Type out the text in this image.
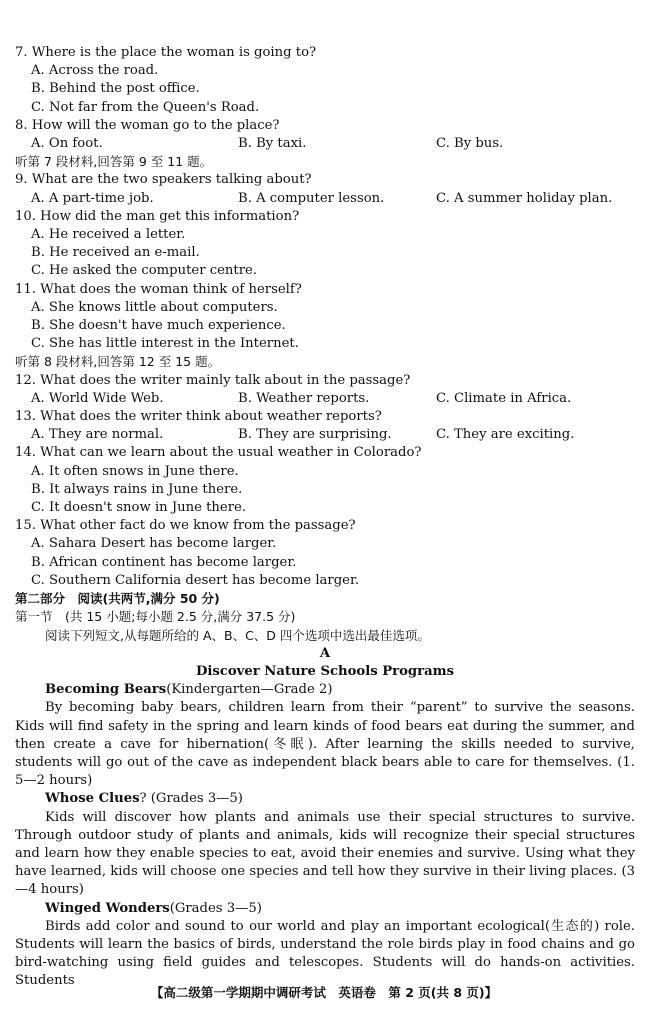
7. Where is the place the woman is going to?
A. Across the road.
B. Behind the post office.
C. Not far from the Queen's Road.
8. How will the woman go to the place?
A. On foot.	B. By taxi.	C. By bus.
听第 7 段材料,回答第 9 至 11 题。
9. What are the two speakers talking about?
A. A part-time job.	B. A computer lesson.	C. A summer holiday plan.
10. How did the man get this information?
A. He received a letter.
B. He received an e-mail.
C. He asked the computer centre.
11. What does the woman think of herself?
A. She knows little about computers.
B. She doesn't have much experience.
C. She has little interest in the Internet.
听第 8 段材料,回答第 12 至 15 题。
12. What does the writer mainly talk about in the passage?
A. World Wide Web.	B. Weather reports.	C. Climate in Africa.
13. What does the writer think about weather reports?
A. They are normal.	B. They are surprising.	C. They are exciting.
14. What can we learn about the usual weather in Colorado?
A. It often snows in June there.
B. It always rains in June there.
C. It doesn't snow in June there.
15. What other fact do we know from the passage?
A. Sahara Desert has become larger.
B. African continent has become larger.
C. Southern California desert has become larger.
第二部分　阅读(共两节,满分 50 分)
第一节　(共 15 小题;每小题 2.5 分,满分 37.5 分)
阅读下列短文,从每题所给的 A、B、C、D 四个选项中选出最佳选项。
A
Discover Nature Schools Programs
Becoming Bears(Kindergarten—Grade 2)
By becoming baby bears, children learn from their “parent” to survive the seasons. Kids will find safety in the spring and learn kinds of food bears eat during the summer, and then create a cave for hibernation(冬眠). After learning the skills needed to survive, students will go out of the cave as independent black bears able to care for themselves. (1. 5—2 hours)
Whose Clues? (Grades 3—5)
Kids will discover how plants and animals use their special structures to survive. Through outdoor study of plants and animals, kids will recognize their special structures and learn how they enable species to eat, avoid their enemies and survive. Using what they have learned, kids will choose one species and tell how they survive in their living places. (3—4 hours)
Winged Wonders(Grades 3—5)
Birds add color and sound to our world and play an important ecological(生态的) role. Students will learn the basics of birds, understand the role birds play in food chains and go bird-watching using field guides and telescopes. Students will do hands-on activities. Students
【高二级第一学期期中调研考试　英语卷　第 2 页(共 8 页)】
